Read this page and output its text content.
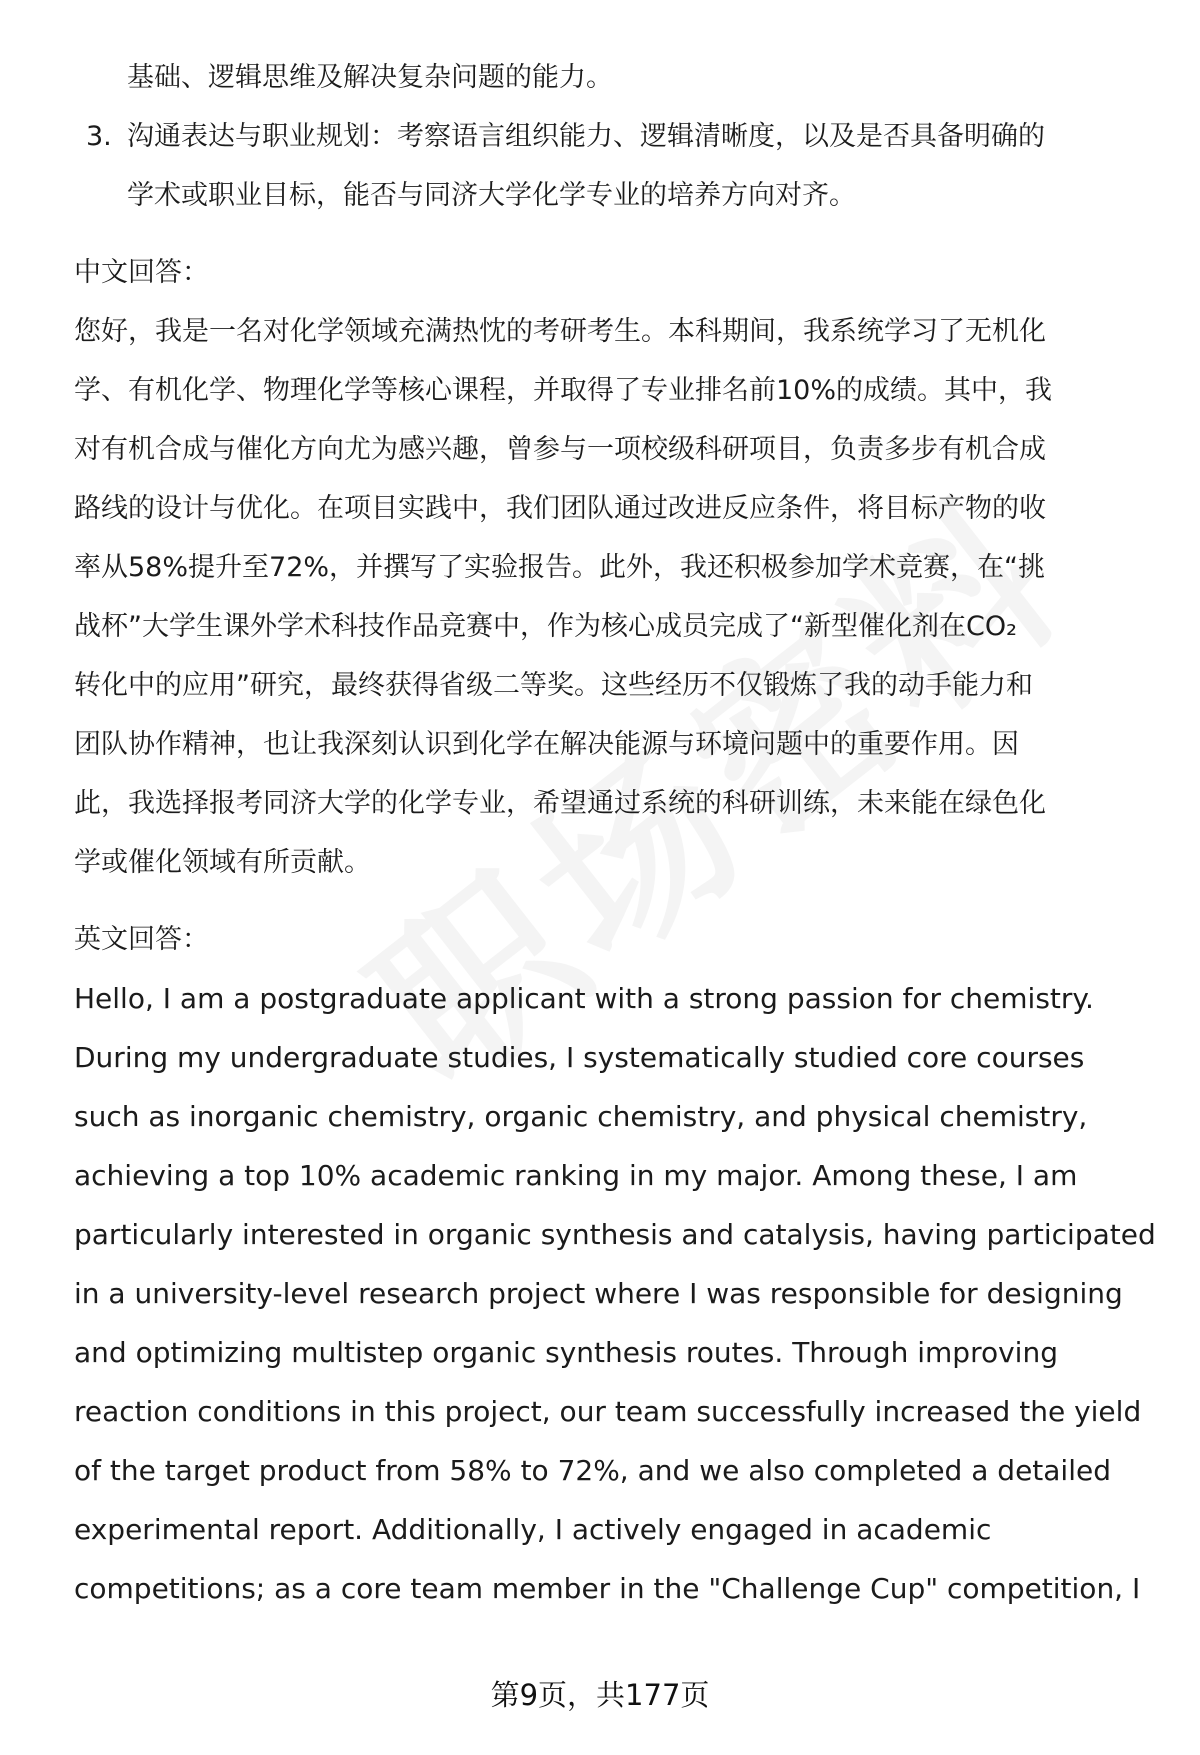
基础、逻辑思维及解决复杂问题的能力。

3. 沟通表达与职业规划：考察语言组织能力、逻辑清晰度，以及是否具备明确的

学术或职业目标，能否与同济大学化学专业的培养方向对齐。

中文回答：

您好，我是一名对化学领域充满热忱的考研考生。本科期间，我系统学习了无机化

学、有机化学、物理化学等核心课程，并取得了专业排名前10%的成绩。其中，我

对有机合成与催化方向尤为感兴趣，曾参与一项校级科研项目，负责多步有机合成

路线的设计与优化。在项目实践中，我们团队通过改进反应条件，将目标产物的收

率从58%提升至72%，并撰写了实验报告。此外，我还积极参加学术竞赛，在“挑

战杯”大学生课外学术科技作品竞赛中，作为核心成员完成了“新型催化剂在CO₂

转化中的应用”研究，最终获得省级二等奖。这些经历不仅锻炼了我的动手能力和

团队协作精神，也让我深刻认识到化学在解决能源与环境问题中的重要作用。因

此，我选择报考同济大学的化学专业，希望通过系统的科研训练，未来能在绿色化

学或催化领域有所贡献。

英文回答：

Hello, I am a postgraduate applicant with a strong passion for chemistry.

During my undergraduate studies, I systematically studied core courses

such as inorganic chemistry, organic chemistry, and physical chemistry,

achieving a top 10% academic ranking in my major. Among these, I am

particularly interested in organic synthesis and catalysis, having participated

in a university-level research project where I was responsible for designing

and optimizing multistep organic synthesis routes. Through improving

reaction conditions in this project, our team successfully increased the yield

of the target product from 58% to 72%, and we also completed a detailed

experimental report. Additionally, I actively engaged in academic

competitions; as a core team member in the "Challenge Cup" competition, I

第9页，共177页
